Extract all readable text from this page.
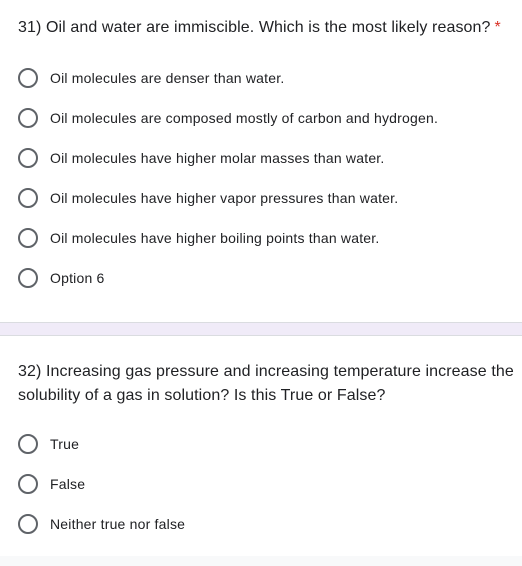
31) Oil and water are immiscible. Which is the most likely reason? *
Oil molecules are denser than water.
Oil molecules are composed mostly of carbon and hydrogen.
Oil molecules have higher molar masses than water.
Oil molecules have higher vapor pressures than water.
Oil molecules have higher boiling points than water.
Option 6
32) Increasing gas pressure and increasing temperature increase the solubility of a gas in solution? Is this True or False?
True
False
Neither true nor false
